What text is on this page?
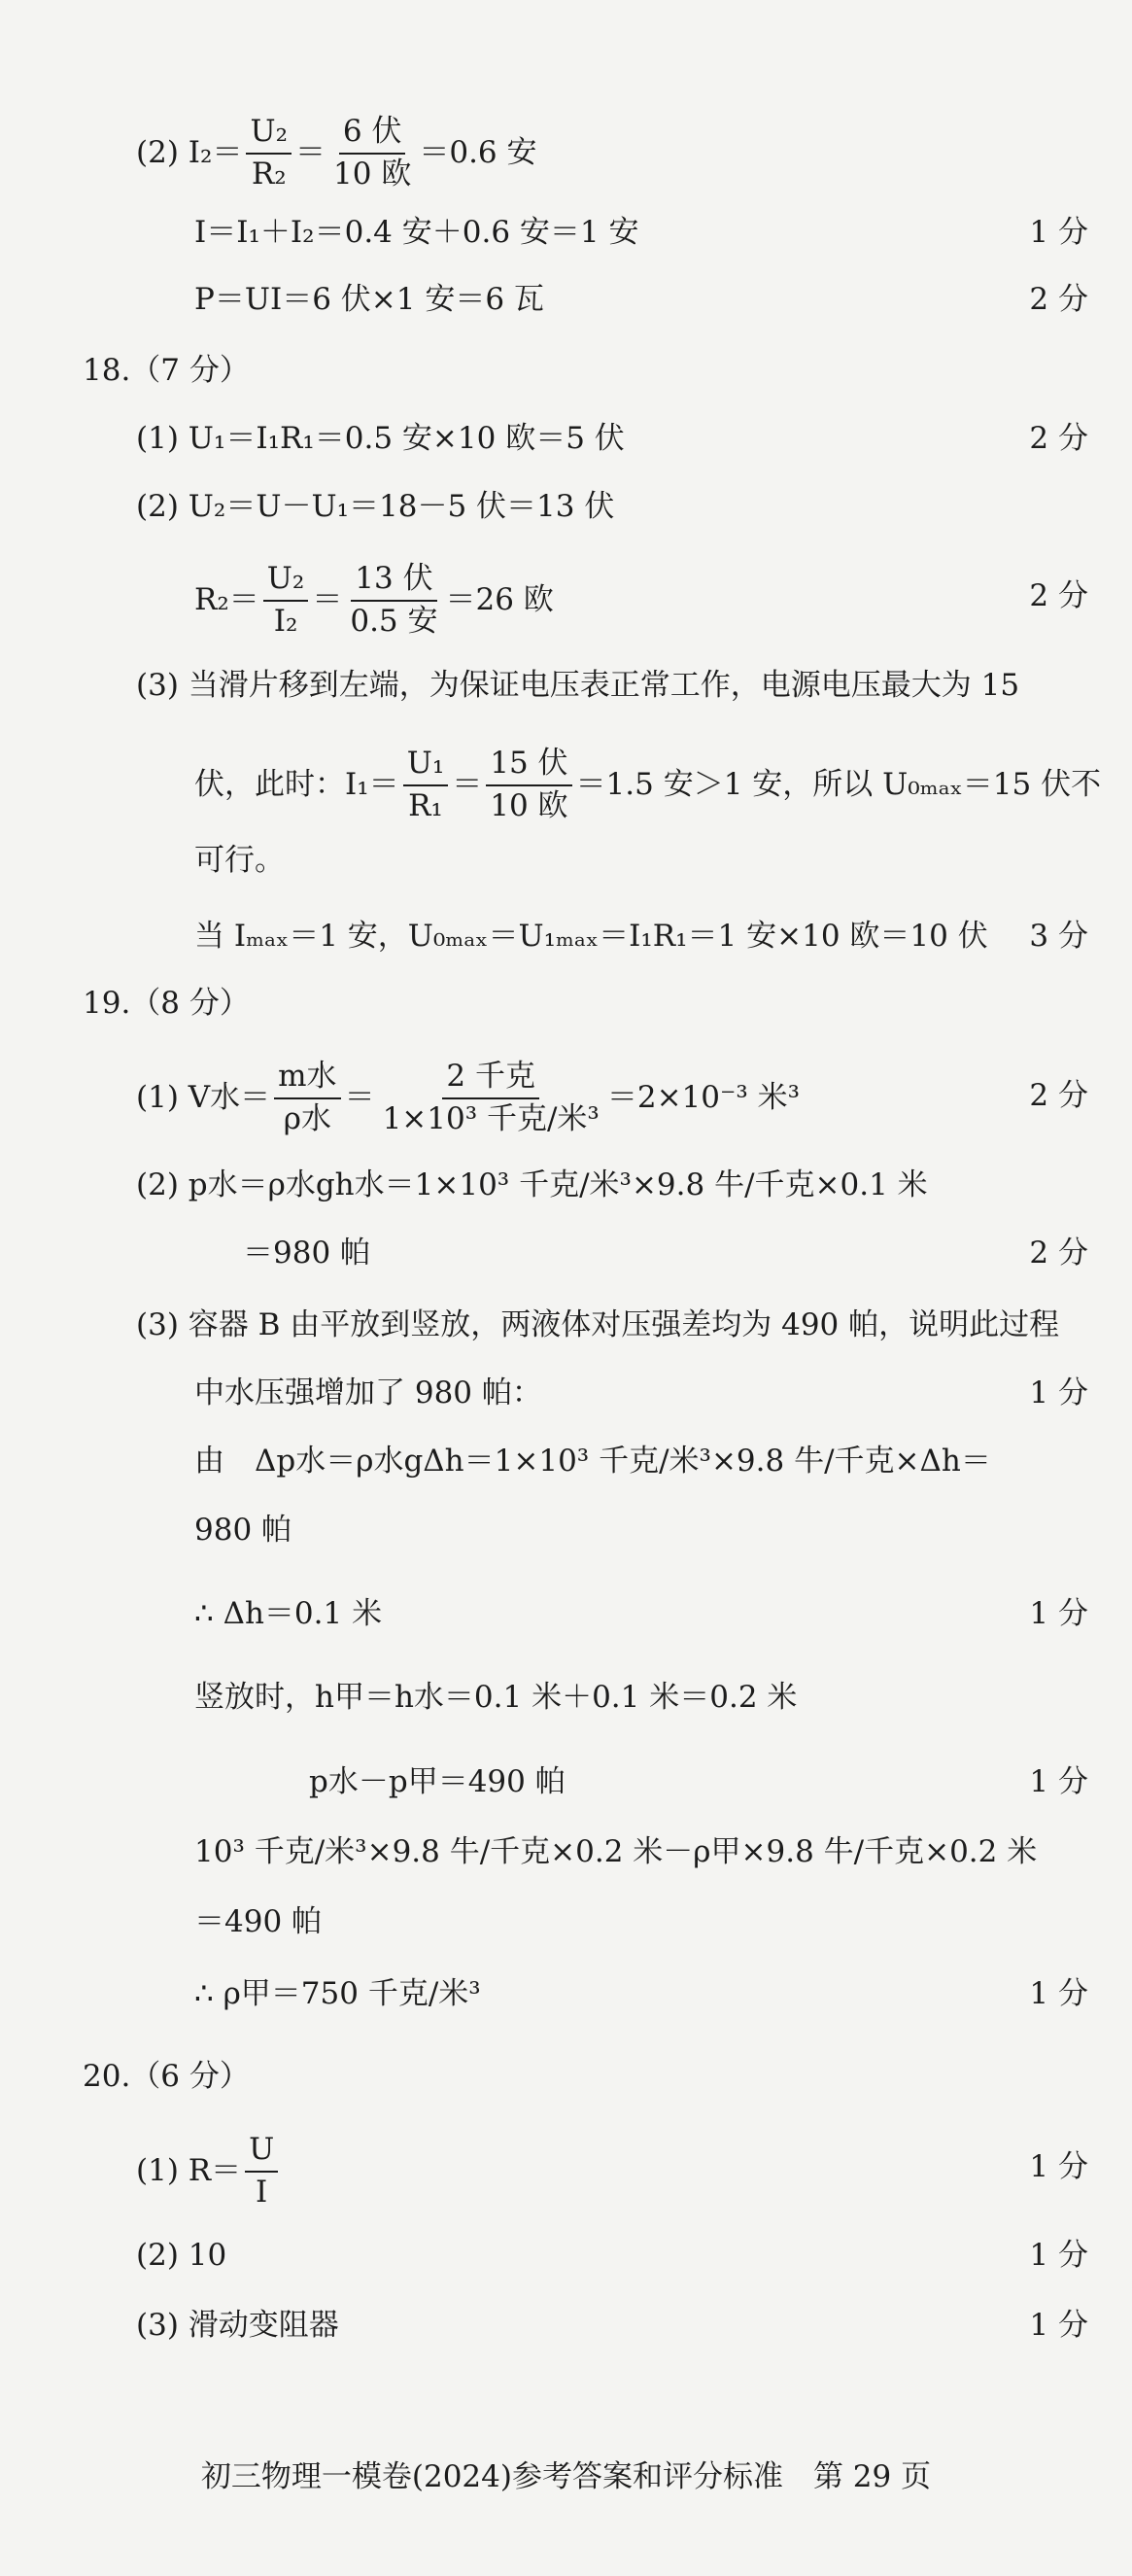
(2)
$I_2= \frac{\text{U₂}}{\text{R₂}} = \frac{\text{6 伏}}{\text{10 欧}} =0.6$ 安
I＝I₁＋I₂＝0.4 安＋0.6 安＝1 安	1 分
P＝UI＝6 伏×1 安＝6 瓦	2 分
18.（7 分）
(1) U₁＝I₁R₁＝0.5 安×10 欧＝5 伏	2 分
(2) U₂＝U－U₁＝18－5 伏＝13 伏
$R_2= \frac{\text{U₂}}{\text{I₂}} = \frac{\text{13 伏}}{\text{0.5 安}} =26$ 欧	2 分
(3) 当滑片移到左端，为保证电压表正常工作，电源电压最大为 15
伏，此时：$I_1= \frac{\text{U₁}}{\text{R₁}} = \frac{\text{15 伏}}{\text{10 欧}} =1.5$ 安＞1 安，所以 U₀ₘₐₓ＝15 伏不
可行。
当 Iₘₐₓ＝1 安，U₀ₘₐₓ＝U₁ₘₐₓ＝I₁R₁＝1 安×10 欧＝10 伏 3 分
19.（8 分）
(1) V水＝ $\frac{\text{m水}}{\text{ρ水}} = \frac{\text{2 千克}}{\text{1×10³ 千克/米³}} =2\times 10^{-3}$ 米³	2 分
(2) p水＝ρ水gh水＝1×10³ 千克/米³×9.8 牛/千克×0.1 米
＝980 帕	2 分
(3) 容器 B 由平放到竖放，两液体对压强差均为 490 帕，说明此过程
中水压强增加了 980 帕：	1 分
由　Δp水＝ρ水gΔh＝1×10³ 千克/米³×9.8 牛/千克×Δh＝
980 帕
∴ Δh＝0.1 米	1 分
竖放时，h甲＝h水＝0.1 米＋0.1 米＝0.2 米
p水－p甲＝490 帕	1 分
10³ 千克/米³×9.8 牛/千克×0.2 米－ρ甲×9.8 牛/千克×0.2 米
＝490 帕
∴ ρ甲＝750 千克/米³	1 分
20.（6 分）
(1) $R= \frac{U}{I}$	1 分
(2) 10	1 分
(3) 滑动变阻器	1 分
初三物理一模卷(2024)参考答案和评分标准　第 29 页
